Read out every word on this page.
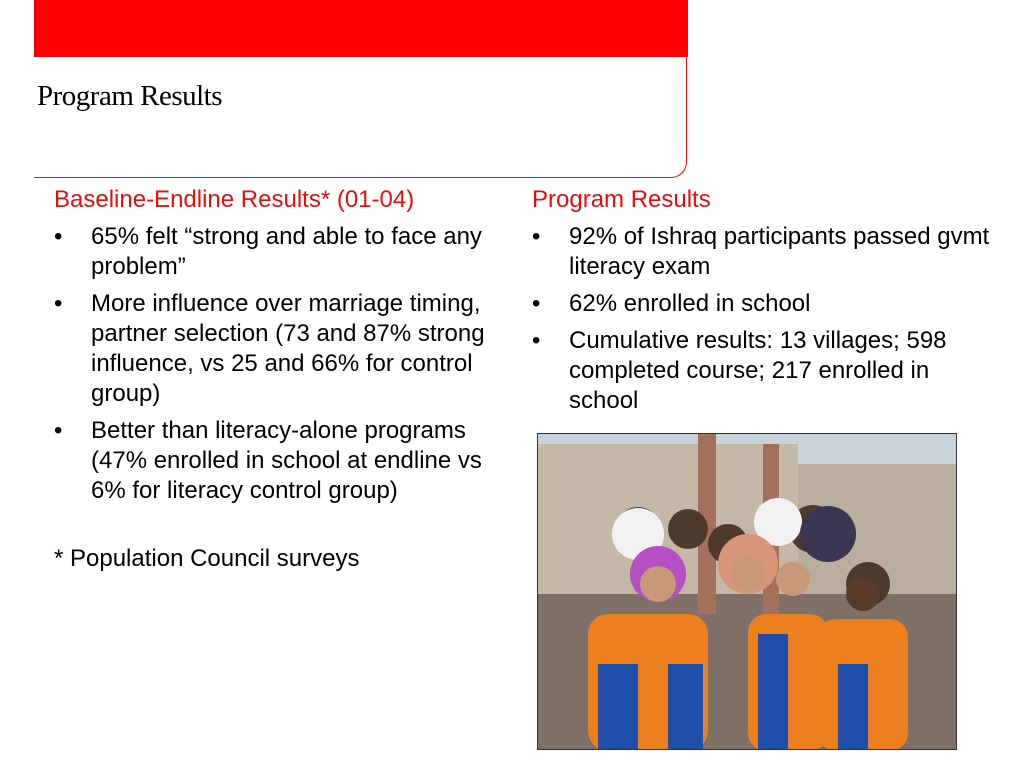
Program Results
Baseline-Endline Results* (01-04)
• 65% felt “strong and able to face any problem”
• More influence over marriage timing, partner selection (73 and 87% strong influence, vs 25 and 66% for control group)
• Better than literacy-alone programs (47% enrolled in school at endline vs 6% for literacy control group)
* Population Council surveys
Program Results
• 92% of Ishraq participants passed gvmt literacy exam
• 62% enrolled in school
• Cumulative results: 13 villages; 598 completed course; 217 enrolled in school
